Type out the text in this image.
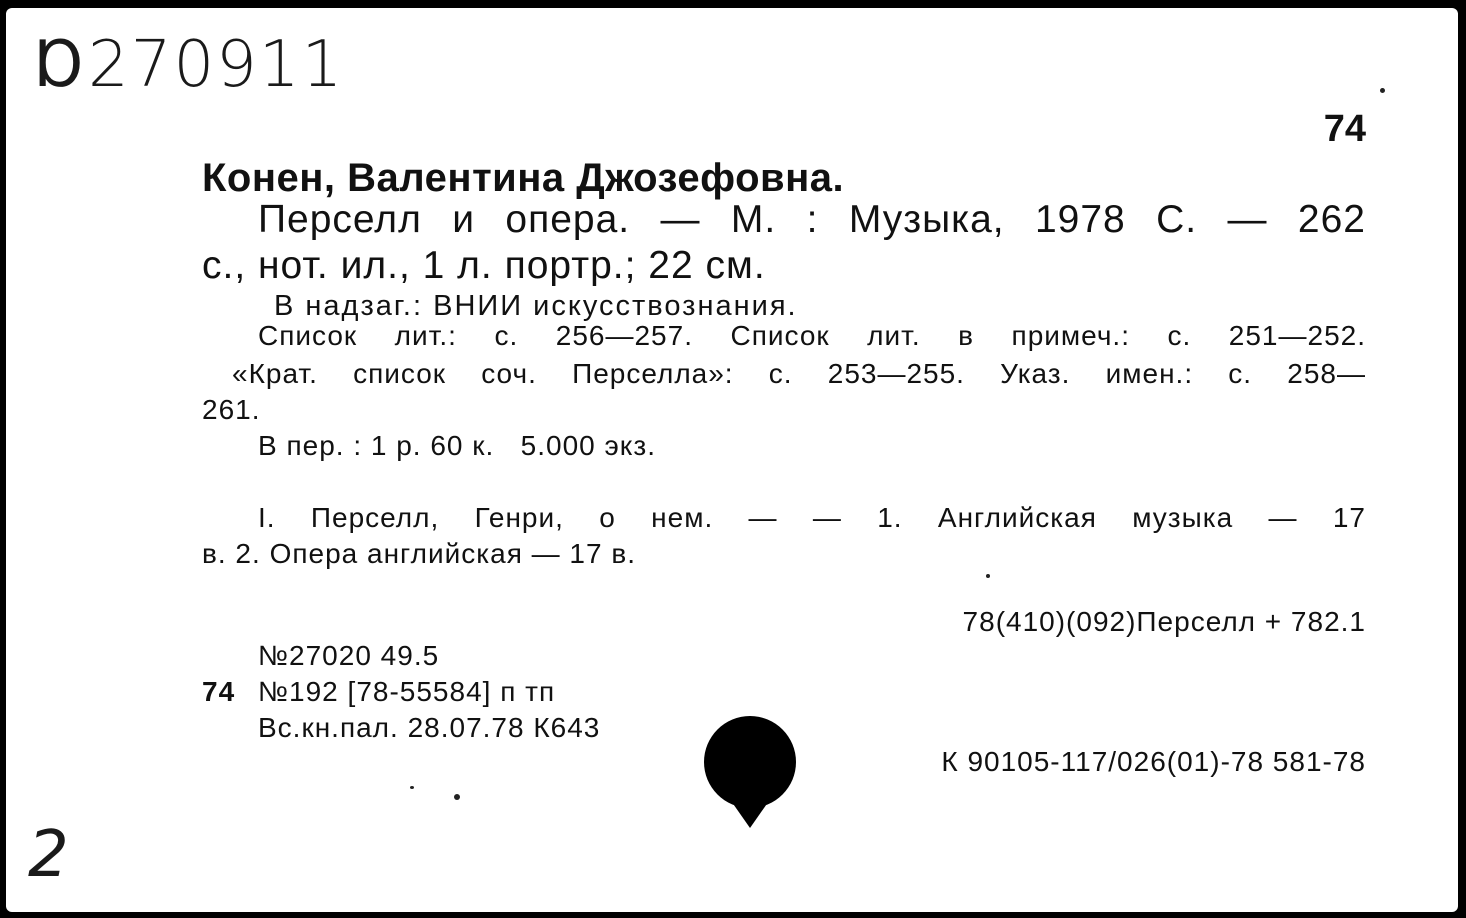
Ɒ270911
74
Конен, Валентина Джозефовна.
Перселл и опера. — М. : Музыка, 1978 С. — 262
с., нот. ил., 1 л. портр.; 22 см.
В надзаг.: ВНИИ искусствознания.
Список лит.: с. 256—257. Список лит. в примеч.: с. 251—252.
«Крат. список соч. Перселла»: с. 253—255. Указ. имен.: с. 258—
261.
В пер. : 1 р. 60 к.   5.000 экз.
I. Перселл, Генри, о нем. — — 1. Английская музыка — 17
в. 2. Опера английская — 17 в.
78(410)(092)Перселл + 782.1
№27020 49.5
74 №192 [78-55584] п тп
Вс.кн.пал. 28.07.78 К643
К 90105-117/026(01)-78 581-78
2
